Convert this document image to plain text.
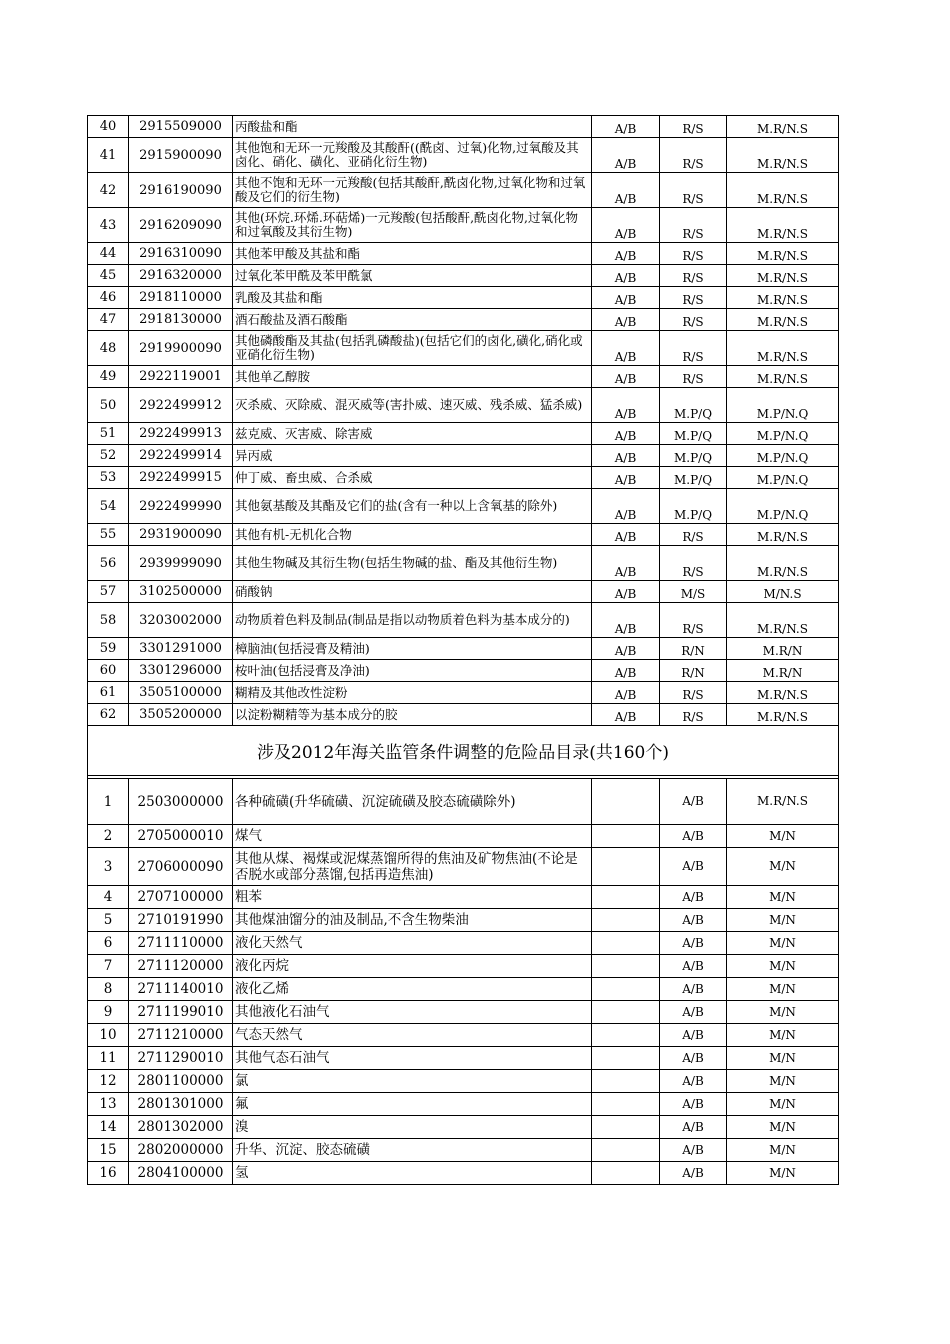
40	2915509000	丙酸盐和酯	A/B	R/S	M.R/N.S
41	2915900090	其他饱和无环一元羧酸及其酸酐((酰卤、过氧)化物,过氧酸及其卤化、硝化、磺化、亚硝化衍生物)	A/B	R/S	M.R/N.S
42	2916190090	其他不饱和无环一元羧酸(包括其酸酐,酰卤化物,过氧化物和过氧酸及它们的衍生物)	A/B	R/S	M.R/N.S
43	2916209090	其他(环烷.环烯.环萜烯)一元羧酸(包括酸酐,酰卤化物,过氧化物和过氧酸及其衍生物)	A/B	R/S	M.R/N.S
44	2916310090	其他苯甲酸及其盐和酯	A/B	R/S	M.R/N.S
45	2916320000	过氧化苯甲酰及苯甲酰氯	A/B	R/S	M.R/N.S
46	2918110000	乳酸及其盐和酯	A/B	R/S	M.R/N.S
47	2918130000	酒石酸盐及酒石酸酯	A/B	R/S	M.R/N.S
48	2919900090	其他磷酸酯及其盐(包括乳磷酸盐)(包括它们的卤化,磺化,硝化或亚硝化衍生物)	A/B	R/S	M.R/N.S
49	2922119001	其他单乙醇胺	A/B	R/S	M.R/N.S
50	2922499912	灭杀威、灭除威、混灭威等(害扑威、速灭威、残杀威、猛杀威)	A/B	M.P/Q	M.P/N.Q
51	2922499913	兹克威、灭害威、除害威	A/B	M.P/Q	M.P/N.Q
52	2922499914	异丙威	A/B	M.P/Q	M.P/N.Q
53	2922499915	仲丁威、畜虫威、合杀威	A/B	M.P/Q	M.P/N.Q
54	2922499990	其他氨基酸及其酯及它们的盐(含有一种以上含氧基的除外)	A/B	M.P/Q	M.P/N.Q
55	2931900090	其他有机-无机化合物	A/B	R/S	M.R/N.S
56	2939999090	其他生物碱及其衍生物(包括生物碱的盐、酯及其他衍生物)	A/B	R/S	M.R/N.S
57	3102500000	硝酸钠	A/B	M/S	M/N.S
58	3203002000	动物质着色料及制品(制品是指以动物质着色料为基本成分的)	A/B	R/S	M.R/N.S
59	3301291000	樟脑油(包括浸膏及精油)	A/B	R/N	M.R/N
60	3301296000	桉叶油(包括浸膏及净油)	A/B	R/N	M.R/N
61	3505100000	糊精及其他改性淀粉	A/B	R/S	M.R/N.S
62	3505200000	以淀粉糊精等为基本成分的胶	A/B	R/S	M.R/N.S
涉及2012年海关监管条件调整的危险品目录(共160个)					

1	2503000000	各种硫磺(升华硫磺、沉淀硫磺及胶态硫磺除外)		A/B	M.R/N.S
2	2705000010	煤气		A/B	M/N
3	2706000090	其他从煤、褐煤或泥煤蒸馏所得的焦油及矿物焦油(不论是否脱水或部分蒸馏,包括再造焦油)		A/B	M/N
4	2707100000	粗苯		A/B	M/N
5	2710191990	其他煤油馏分的油及制品,不含生物柴油		A/B	M/N
6	2711110000	液化天然气		A/B	M/N
7	2711120000	液化丙烷		A/B	M/N
8	2711140010	液化乙烯		A/B	M/N
9	2711199010	其他液化石油气		A/B	M/N
10	2711210000	气态天然气		A/B	M/N
11	2711290010	其他气态石油气		A/B	M/N
12	2801100000	氯		A/B	M/N
13	2801301000	氟		A/B	M/N
14	2801302000	溴		A/B	M/N
15	2802000000	升华、沉淀、胶态硫磺		A/B	M/N
16	2804100000	氢		A/B	M/N
